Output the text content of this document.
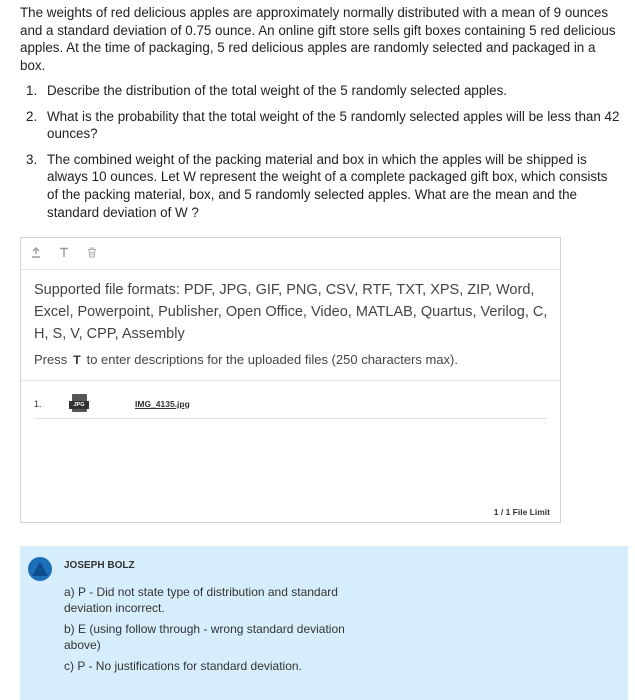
The weights of red delicious apples are approximately normally distributed with a mean of 9 ounces and a standard deviation of 0.75 ounce. An online gift store sells gift boxes containing 5 red delicious apples. At the time of packaging, 5 red delicious apples are randomly selected and packaged in a box.
1. Describe the distribution of the total weight of the 5 randomly selected apples.
2. What is the probability that the total weight of the 5 randomly selected apples will be less than 42 ounces?
3. The combined weight of the packing material and box in which the apples will be shipped is always 10 ounces. Let W represent the weight of a complete packaged gift box, which consists of the packing material, box, and 5 randomly selected apples. What are the mean and the standard deviation of W ?
Supported file formats: PDF, JPG, GIF, PNG, CSV, RTF, TXT, XPS, ZIP, Word, Excel, Powerpoint, Publisher, Open Office, Video, MATLAB, Quartus, Verilog, C, H, S, V, CPP, Assembly
Press T to enter descriptions for the uploaded files (250 characters max).
1.	JPG	IMG_4135.jpg
1 / 1 File Limit
JOSEPH BOLZ

a) P - Did not state type of distribution and standard deviation incorrect.

b) E (using follow through - wrong standard deviation above)

c) P - No justifications for standard deviation.
